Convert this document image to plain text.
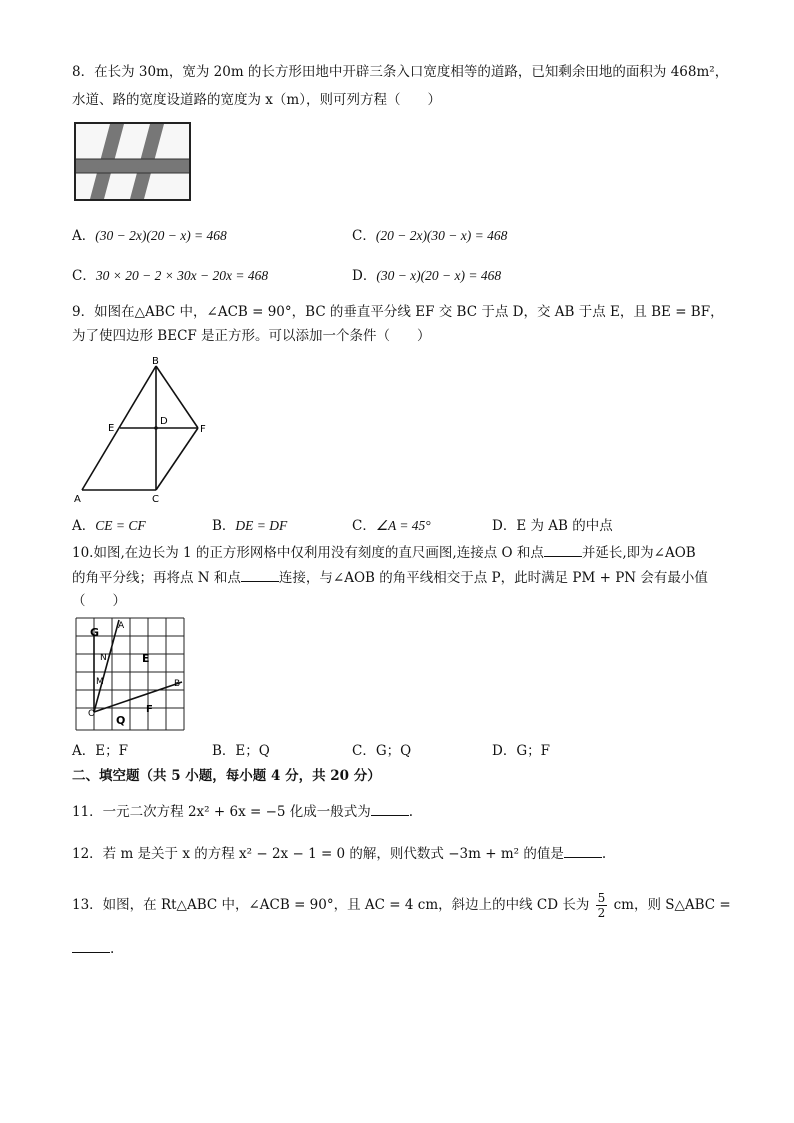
8．在长为 30m，宽为 20m 的长方形田地中开辟三条入口宽度相等的道路，已知剩余田地的面积为 468m²，
水道、路的宽度设道路的宽度为 x（m），则可列方程（　　）
A．(30 − 2x)(20 − x) = 468	C．(20 − 2x)(30 − x) = 468
C．30 × 20 − 2 × 30x − 20x = 468	D．(30 − x)(20 − x) = 468
9．如图在△ABC 中，∠ACB = 90°，BC 的垂直平分线 EF 交 BC 于点 D，交 AB 于点 E，且 BE = BF，
为了使四边形 BECF 是正方形。可以添加一个条件（　　）
B
D
E	F
A	C
A．CE = CF	B．DE = DF	C．∠A = 45°	D．E 为 AB 的中点
10.如图,在边长为 1 的正方形网格中仅利用没有刻度的直尺画图,连接点 O 和点	并延长,即为∠AOB
的角平分线；再将点 N 和点	连接，与∠AOB 的角平线相交于点 P，此时满足 PM + PN 会有最小值
（　　）
G A
N	E
M	B
O Q
F
A．E；F	B．E；Q	C．G；Q	D．G；F
二、填空题（共 5 小题，每小题 4 分，共 20 分）
11．一元二次方程 2x² + 6x = −5 化成一般式为	.
12．若 m 是关于 x 的方程 x² − 2x − 1 = 0 的解，则代数式 −3m + m² 的值是	.
13．如图，在 Rt△ABC 中，∠ACB = 90°，且 AC = 4 cm，斜边上的中线 CD 长为 $\frac{5}{2}$ cm，则 S△ABC =
.
